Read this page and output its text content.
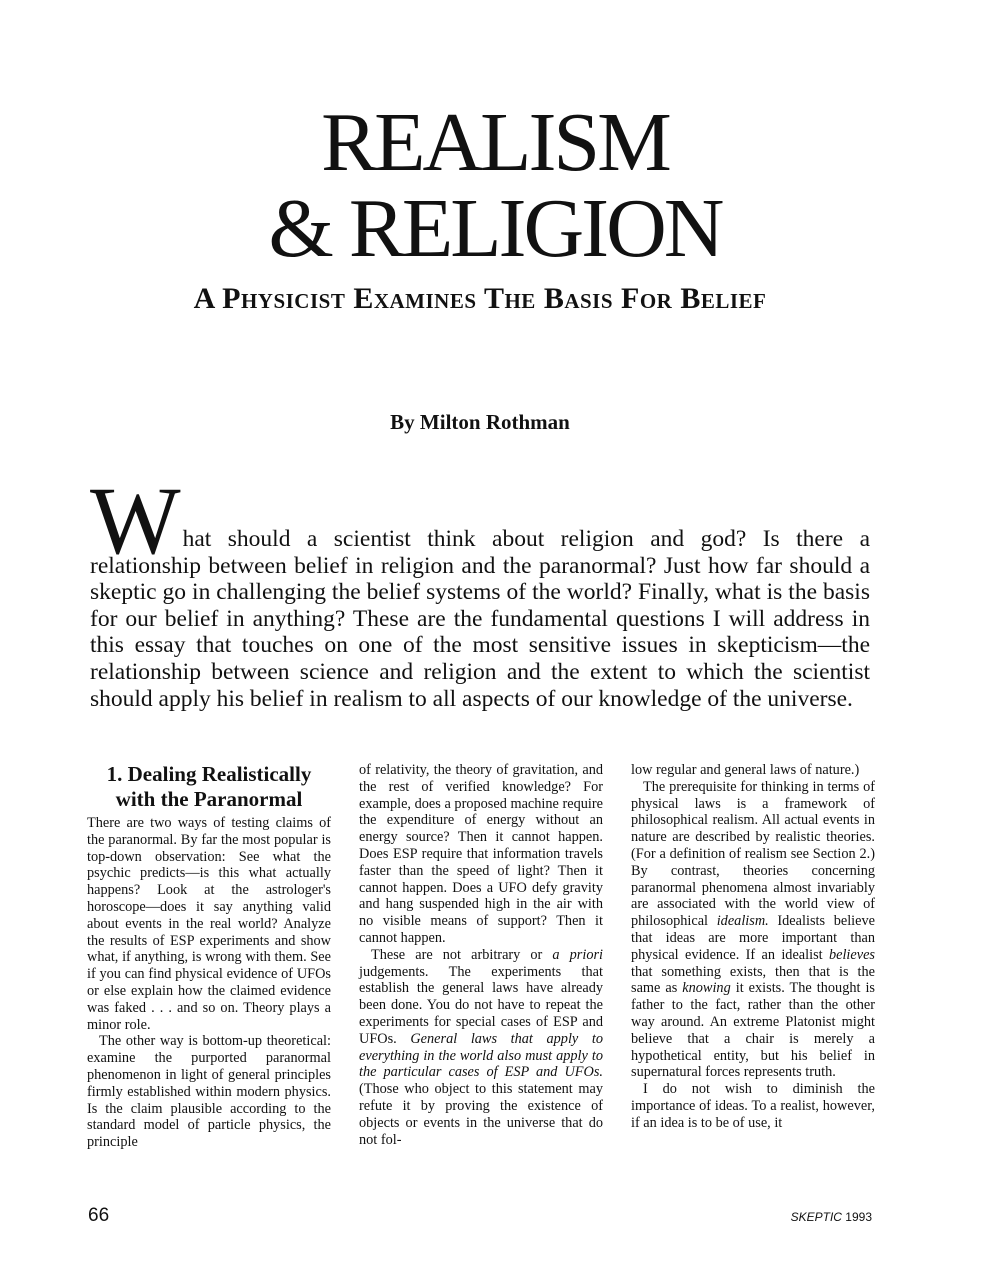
REALISM
& RELIGION
A Physicist Examines The Basis For Belief

By Milton Rothman

W hat should a scientist think about religion and god? Is there a relationship between belief in religion and the paranormal? Just how far should a skeptic go in challenging the belief systems of the world? Finally, what is the basis for our belief in anything? These are the fundamental questions I will address in this essay that touches on one of the most sensitive issues in skepticism—the relationship between science and religion and the extent to which the scientist should apply his belief in realism to all aspects of our knowledge of the universe.

1. Dealing Realistically
with the Paranormal

There are two ways of testing claims of the paranormal. By far the most popular is top-down observation: See what the psychic predicts—is this what actually happens? Look at the astrologer's horoscope—does it say anything valid about events in the real world? Analyze the results of ESP experiments and show what, if anything, is wrong with them. See if you can find physical evidence of UFOs or else explain how the claimed evidence was faked . . . and so on. Theory plays a minor role.

The other way is bottom-up theoretical: examine the purported paranormal phenomenon in light of general principles firmly established within modern physics. Is the claim plausible according to the standard model of particle physics, the principle

of relativity, the theory of gravitation, and the rest of verified knowledge? For example, does a proposed machine require the expenditure of energy without an energy source? Then it cannot happen. Does ESP require that information travels faster than the speed of light? Then it cannot happen. Does a UFO defy gravity and hang suspended high in the air with no visible means of support? Then it cannot happen.

These are not arbitrary or a priori judgements. The experiments that establish the general laws have already been done. You do not have to repeat the experiments for special cases of ESP and UFOs. General laws that apply to everything in the world also must apply to the particular cases of ESP and UFOs. (Those who object to this statement may refute it by proving the existence of objects or events in the universe that do not fol-

low regular and general laws of nature.)

The prerequisite for thinking in terms of physical laws is a framework of philosophical realism. All actual events in nature are described by realistic theories. (For a definition of realism see Section 2.) By contrast, theories concerning paranormal phenomena almost invariably are associated with the world view of philosophical idealism. Idealists believe that ideas are more important than physical evidence. If an idealist believes that something exists, then that is the same as knowing it exists. The thought is father to the fact, rather than the other way around. An extreme Platonist might believe that a chair is merely a hypothetical entity, but his belief in supernatural forces represents truth.

I do not wish to diminish the importance of ideas. To a realist, however, if an idea is to be of use, it

66	SKEPTIC 1993
